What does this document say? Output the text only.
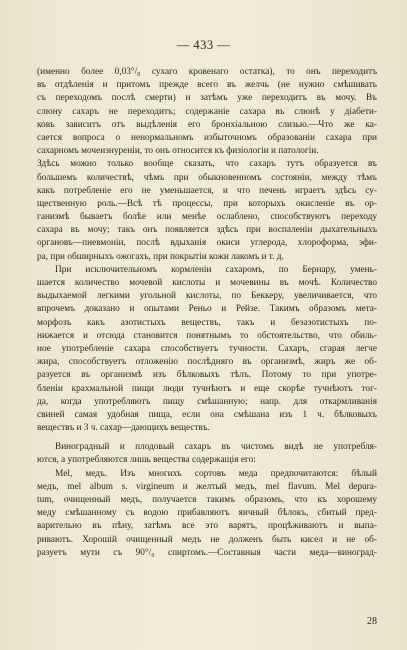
— 433 —
(именно более 0,03°/₀ сухаго кровенаго остатка), то онъ переходитъ
въ отдѣленія и притомъ прежде всего въ желчь (не нужно смѣшивать
съ переходомъ послѣ смерти) и затѣмъ уже переходитъ въ мочу. Въ
слюну сахаръ не переходитъ; содержаніе сахара въ слюнѣ у діабети-
ковъ зависитъ отъ выдѣленія его бронхіальною слизью.—Что же ка-
сается вопроса о ненормальномъ избыточномъ образованіи сахара при
сахарномъ мочеизнуреніи, то онъ относится къ физіологіи и патологіи.
Здѣсь можно только вообще сказать, что сахаръ тутъ образуется въ
большемъ количествѣ, чѣмъ при обыкновенномъ состояніи, между тѣмъ
какъ потребленіе его не уменьшается, и что печень играетъ здѣсь су-
щественную роль.—Всѣ тѣ процессы, при которыхъ окисленіе въ ор-
ганизмѣ бываетъ болѣе или менѣе ослаблено, способствуютъ переходу
сахара въ мочу; такъ онъ появляется здѣсь при воспаленіи дыхательныхъ
органовъ—пневмоніи, послѣ вдыханія окиси углерода, хлороформа, эфи-
ра, при обширныхъ ожогахъ, при покрытіи кожи лакомъ и т. д.
При исключительномъ кормленіи сахаромъ, по Бернару, умень-
шается количество мочевой кислоты и мочевины въ мочѣ. Количество
выдыхаемой легкими угольной кислоты, по Беккеру, увеличивается, что
впрочемъ доказано и опытами Реньо и Рейзе. Такимъ образомъ мета-
морфозъ какъ азотистыхъ веществъ, такъ и безазотистыхъ по-
нижается и отсюда становится понятнымъ то обстоятельство, что обиль-
ное употребленіе сахара способствуетъ тучности. Сахаръ, сгарая легче
жира, способствуетъ отложенію послѣдняго въ организмѣ, жиръ же об-
разуется въ организмѣ изъ бѣлковыхъ тѣлъ. Потому то при употре-
бленіи крахмальной пищи люди тучнѣютъ и еще скорѣе тучнѣютъ тог-
да, когда употребляютъ пищу смѣшанную; напр. для откармливанія
свиней самая удобная пища, если она смѣшана изъ 1 ч. бѣлковыхъ
веществъ и 3 ч. сахар—дающихъ веществъ.
Виноградный и плодовый сахаръ въ чистомъ видѣ не употребля-
ются, а употребляются лишь вещества содержащія его:
Mel, медъ. Изъ многихъ сортовъ меда предпочитаются: бѣлый
медъ, mel album s. virgineum и желтый медъ, mel flavum. Mel depura-
tum, очищенный медъ, получается такимъ образомъ, что къ хорошему
меду смѣшанному съ водою прибавляютъ яичный бѣлокъ, сбитый пред-
варительно въ пѣну, затѣмъ все это варятъ, процѣживаютъ и выпа-
риваютъ. Хорошій очищенный медъ не долженъ быть кисел и не об-
разуетъ мути съ 90°/₀ спиртомъ.—Составныя части меда—виноград-
28
